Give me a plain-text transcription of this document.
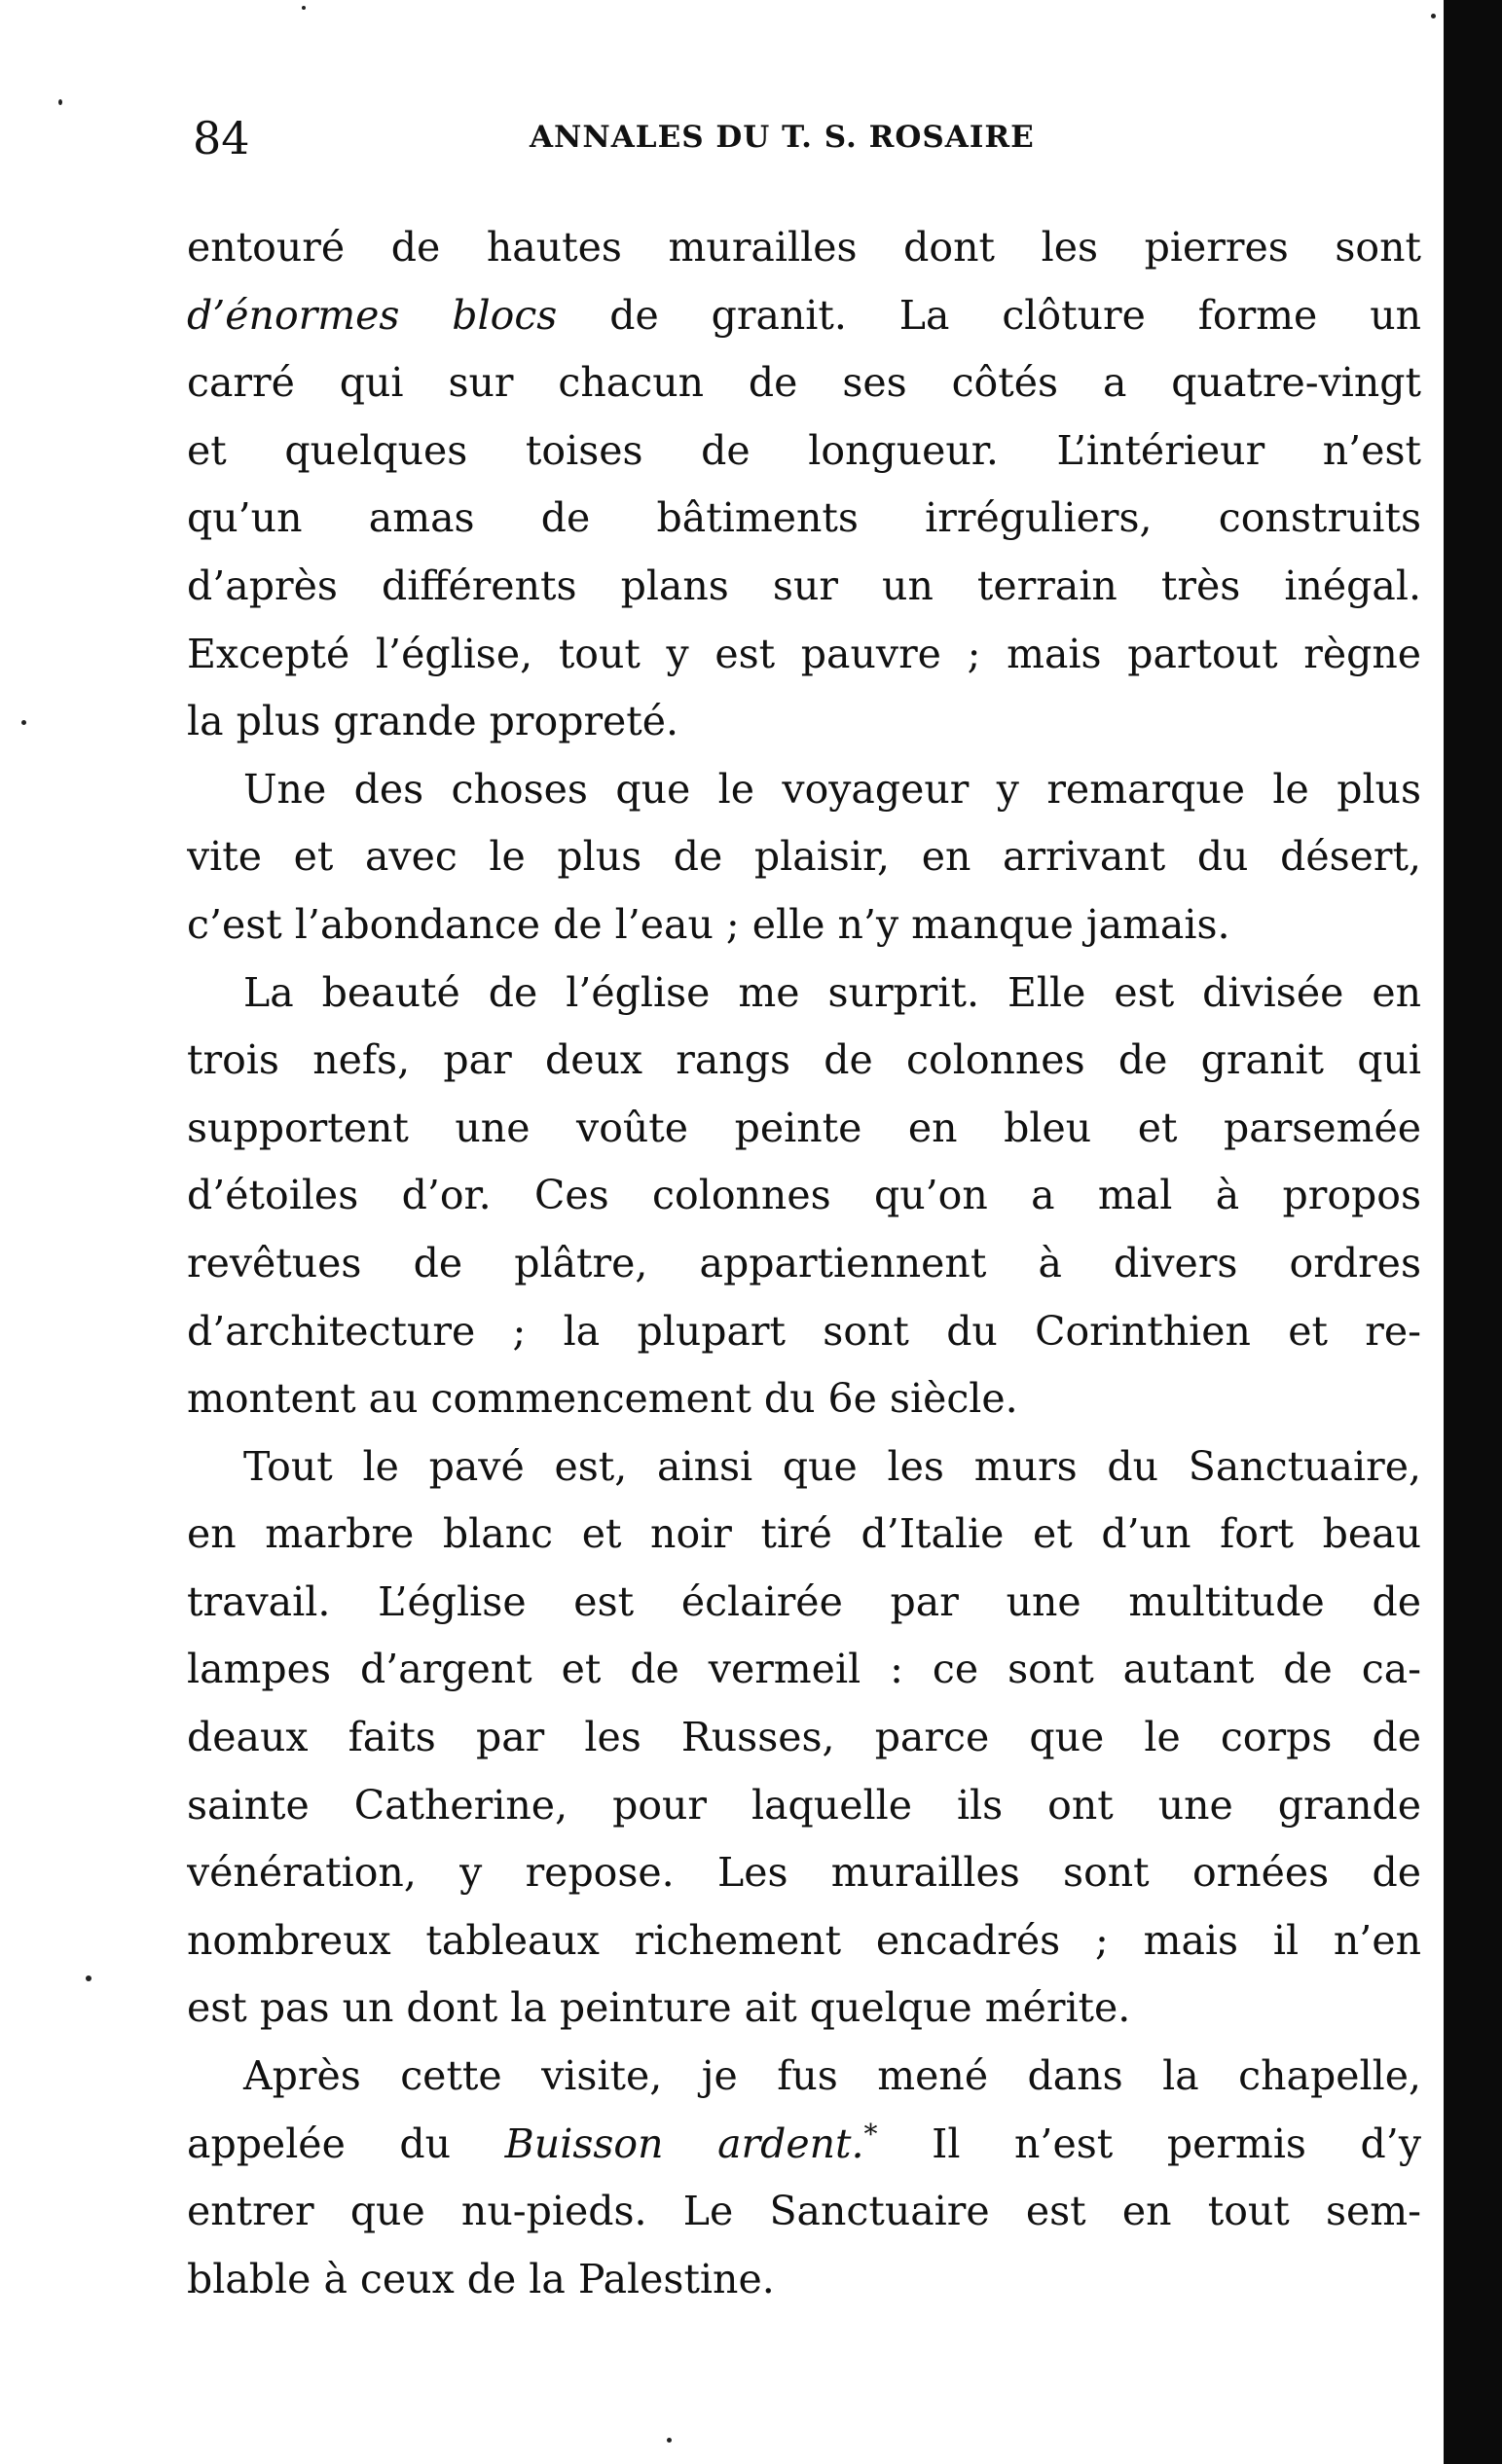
84	ANNALES DU T. S. ROSAIRE
entouré de hautes murailles dont les pierres sont
d’énormes blocs de granit. La clôture forme un
carré qui sur chacun de ses côtés a quatre-vingt
et quelques toises de longueur. L’intérieur n’est
qu’un amas de bâtiments irréguliers, construits
d’après différents plans sur un terrain très inégal.
Excepté l’église, tout y est pauvre ; mais partout règne
la plus grande propreté.
Une des choses que le voyageur y remarque le plus
vite et avec le plus de plaisir, en arrivant du désert,
c’est l’abondance de l’eau ; elle n’y manque jamais.
La beauté de l’église me surprit. Elle est divisée en
trois nefs, par deux rangs de colonnes de granit qui
supportent une voûte peinte en bleu et parsemée
d’étoiles d’or. Ces colonnes qu’on a mal à propos
revêtues de plâtre, appartiennent à divers ordres
d’architecture ; la plupart sont du Corinthien et re-
montent au commencement du 6e siècle.
Tout le pavé est, ainsi que les murs du Sanctuaire,
en marbre blanc et noir tiré d’Italie et d’un fort beau
travail. L’église est éclairée par une multitude de
lampes d’argent et de vermeil : ce sont autant de ca-
deaux faits par les Russes, parce que le corps de
sainte Catherine, pour laquelle ils ont une grande
vénération, y repose. Les murailles sont ornées de
nombreux tableaux richement encadrés ; mais il n’en
est pas un dont la peinture ait quelque mérite.
Après cette visite, je fus mené dans la chapelle,
appelée du Buisson ardent.* Il n’est permis d’y
entrer que nu-pieds. Le Sanctuaire est en tout sem-
blable à ceux de la Palestine.
